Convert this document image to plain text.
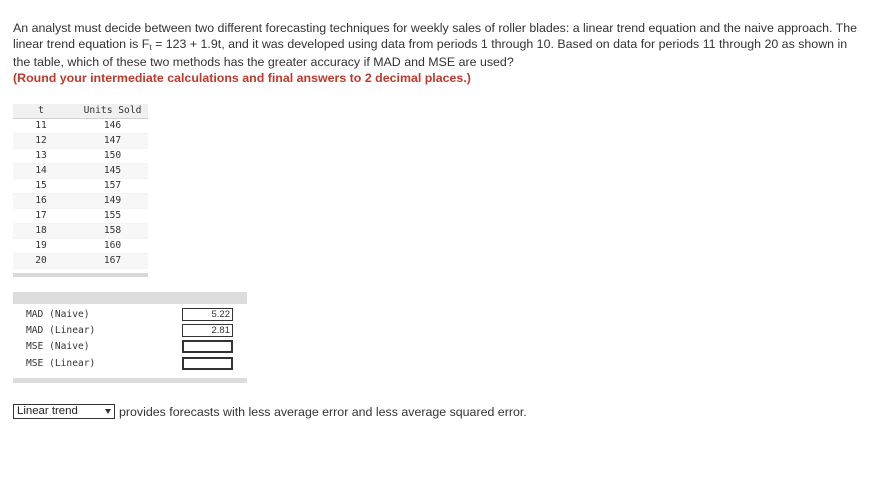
An analyst must decide between two different forecasting techniques for weekly sales of roller blades: a linear trend equation and the naive approach. The linear trend equation is $F_t = 123 + 1.9t$, and it was developed using data from periods 1 through 10. Based on data for periods 11 through 20 as shown in the table, which of these two methods has the greater accuracy if MAD and MSE are used?
(Round your intermediate calculations and final answers to 2 decimal places.)
t	Units Sold
11	146
12	147
13	150
14	145
15	157
16	149
17	155
18	158
19	160
20	167
MAD (Naive)	5.22
MAD (Linear)	2.81
MSE (Naive)
MSE (Linear)
Linear trend	provides forecasts with less average error and less average squared error.
